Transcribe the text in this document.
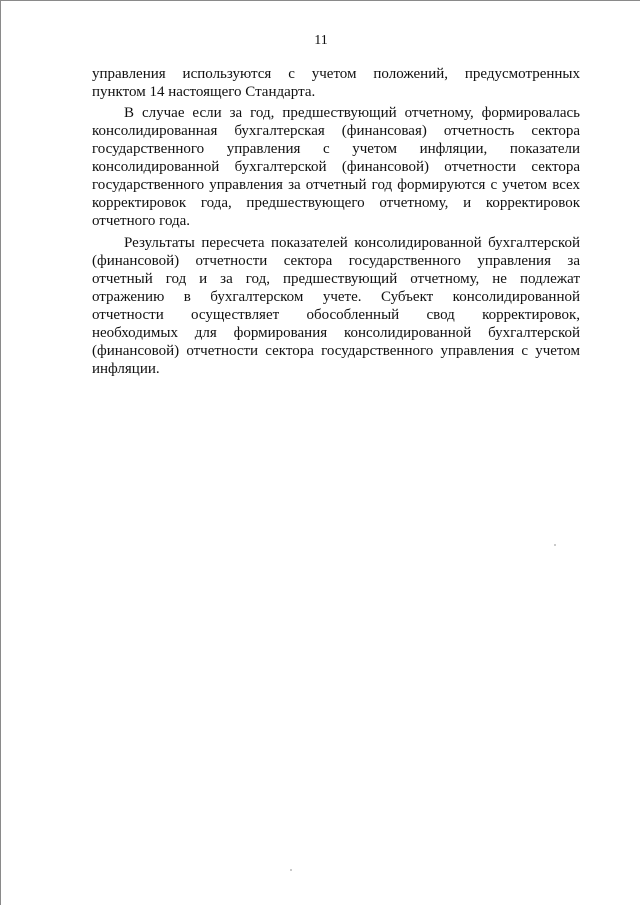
11
управления используются с учетом положений, предусмотренных
пунктом 14 настоящего Стандарта.
В случае если за год, предшествующий отчетному, формировалась
консолидированная бухгалтерская (финансовая) отчетность сектора
государственного управления с учетом инфляции, показатели
консолидированной бухгалтерской (финансовой) отчетности сектора
государственного управления за отчетный год формируются с учетом всех
корректировок года, предшествующего отчетному, и корректировок
отчетного года.
Результаты пересчета показателей консолидированной бухгалтерской
(финансовой) отчетности сектора государственного управления за
отчетный год и за год, предшествующий отчетному, не подлежат
отражению в бухгалтерском учете. Субъект консолидированной
отчетности осуществляет обособленный свод корректировок,
необходимых для формирования консолидированной бухгалтерской
(финансовой) отчетности сектора государственного управления с учетом
инфляции.
